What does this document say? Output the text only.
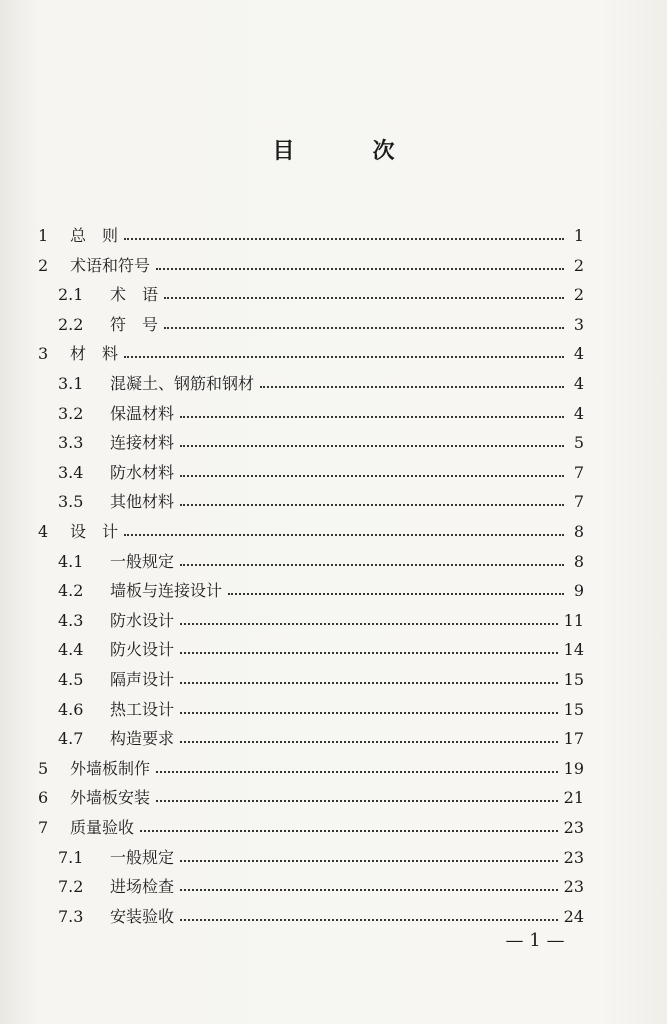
目　次
1	总　则	1
2	术语和符号	2
2.1	术　语	2
2.2	符　号	3
3	材　料	4
3.1	混凝土、钢筋和钢材	4
3.2	保温材料	4
3.3	连接材料	5
3.4	防水材料	7
3.5	其他材料	7
4	设　计	8
4.1	一般规定	8
4.2	墙板与连接设计	9
4.3	防水设计	11
4.4	防火设计	14
4.5	隔声设计	15
4.6	热工设计	15
4.7	构造要求	17
5	外墙板制作	19
6	外墙板安装	21
7	质量验收	23
7.1	一般规定	23
7.2	进场检查	23
7.3	安装验收	24
— 1 —
